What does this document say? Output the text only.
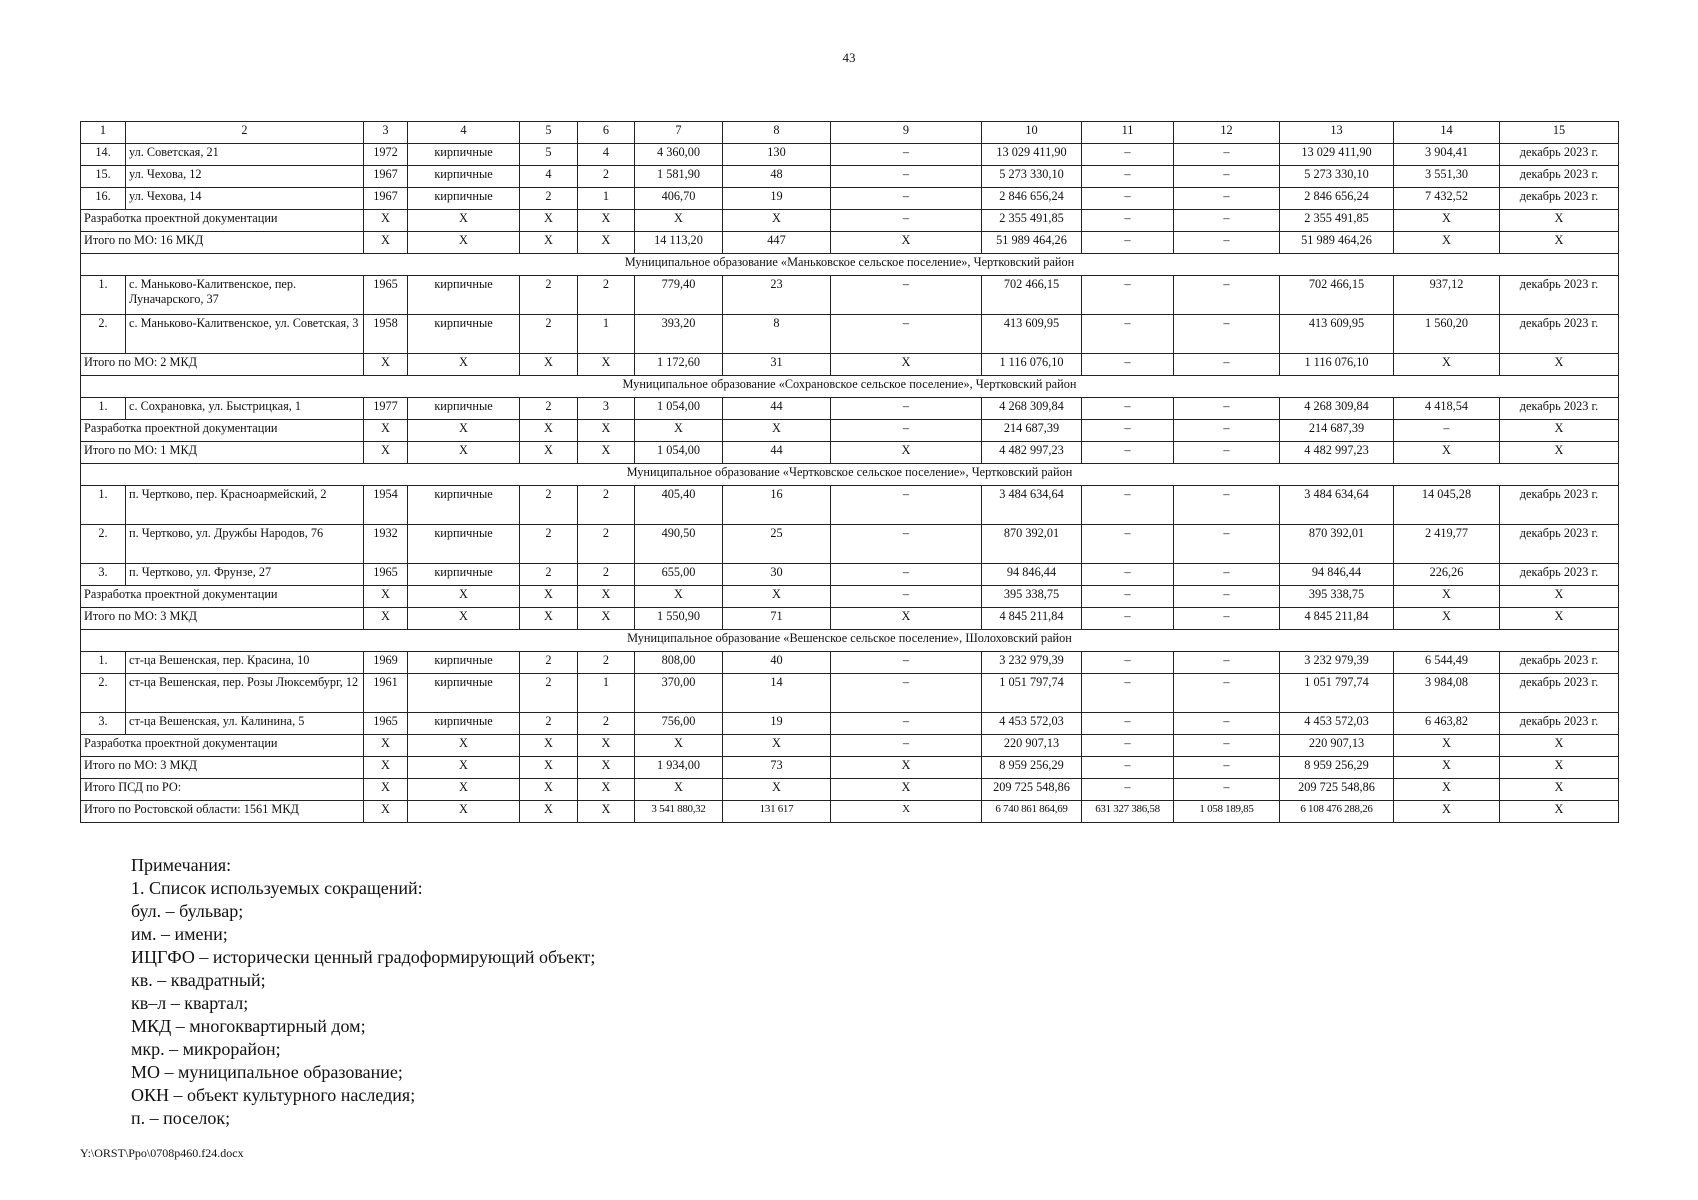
43
1	2	3	4	5	6	7	8	9	10	11	12	13	14	15
14.	ул. Советская, 21	1972	кирпичные	5	4	4 360,00	130	–	13 029 411,90	–	–	13 029 411,90	3 904,41	декабрь 2023 г.
15.	ул. Чехова, 12	1967	кирпичные	4	2	1 581,90	48	–	5 273 330,10	–	–	5 273 330,10	3 551,30	декабрь 2023 г.
16.	ул. Чехова, 14	1967	кирпичные	2	1	406,70	19	–	2 846 656,24	–	–	2 846 656,24	7 432,52	декабрь 2023 г.
Разработка проектной документации		X	X	X	X	X	X	–	2 355 491,85	–	–	2 355 491,85	X	X
Итого по МО: 16 МКД		X	X	X	X	14 113,20	447	X	51 989 464,26	–	–	51 989 464,26	X	X
Муниципальное образование «Маньковское сельское поселение», Чертковский район														
1.	с. Маньково-Калитвенское, пер. Луначарского, 37	1965	кирпичные	2	2	779,40	23	–	702 466,15	–	–	702 466,15	937,12	декабрь 2023 г.
2.	с. Маньково-Калитвенское, ул. Советская, 3	1958	кирпичные	2	1	393,20	8	–	413 609,95	–	–	413 609,95	1 560,20	декабрь 2023 г.
Итого по МО: 2 МКД		X	X	X	X	1 172,60	31	X	1 116 076,10	–	–	1 116 076,10	X	X
Муниципальное образование «Сохрановское сельское поселение», Чертковский район														
1.	с. Сохрановка, ул. Быстрицкая, 1	1977	кирпичные	2	3	1 054,00	44	–	4 268 309,84	–	–	4 268 309,84	4 418,54	декабрь 2023 г.
Разработка проектной документации		X	X	X	X	X	X	–	214 687,39	–	–	214 687,39	–	X
Итого по МО: 1 МКД		X	X	X	X	1 054,00	44	X	4 482 997,23	–	–	4 482 997,23	X	X
Муниципальное образование «Чертковское сельское поселение», Чертковский район														
1.	п. Чертково, пер. Красноармейский, 2	1954	кирпичные	2	2	405,40	16	–	3 484 634,64	–	–	3 484 634,64	14 045,28	декабрь 2023 г.
2.	п. Чертково, ул. Дружбы Народов, 76	1932	кирпичные	2	2	490,50	25	–	870 392,01	–	–	870 392,01	2 419,77	декабрь 2023 г.
3.	п. Чертково, ул. Фрунзе, 27	1965	кирпичные	2	2	655,00	30	–	94 846,44	–	–	94 846,44	226,26	декабрь 2023 г.
Разработка проектной документации		X	X	X	X	X	X	–	395 338,75	–	–	395 338,75	X	X
Итого по МО: 3 МКД		X	X	X	X	1 550,90	71	X	4 845 211,84	–	–	4 845 211,84	X	X
Муниципальное образование «Вешенское сельское поселение», Шолоховский район														
1.	ст-ца Вешенская, пер. Красина, 10	1969	кирпичные	2	2	808,00	40	–	3 232 979,39	–	–	3 232 979,39	6 544,49	декабрь 2023 г.
2.	ст-ца Вешенская, пер. Розы Люксембург, 12	1961	кирпичные	2	1	370,00	14	–	1 051 797,74	–	–	1 051 797,74	3 984,08	декабрь 2023 г.
3.	ст-ца Вешенская, ул. Калинина, 5	1965	кирпичные	2	2	756,00	19	–	4 453 572,03	–	–	4 453 572,03	6 463,82	декабрь 2023 г.
Разработка проектной документации		X	X	X	X	X	X	–	220 907,13	–	–	220 907,13	X	X
Итого по МО: 3 МКД		X	X	X	X	1 934,00	73	X	8 959 256,29	–	–	8 959 256,29	X	X
Итого ПСД по РО:		X	X	X	X	X	X	X	209 725 548,86	–	–	209 725 548,86	X	X
Итого по Ростовской области: 1561 МКД		X	X	X	X	3 541 880,32	131 617	X	6 740 861 864,69	631 327 386,58	1 058 189,85	6 108 476 288,26	X	X
Примечания:
1. Список используемых сокращений:
бул. – бульвар;
им. – имени;
ИЦГФО – исторически ценный градоформирующий объект;
кв. – квадратный;
кв–л – квартал;
МКД – многоквартирный дом;
мкр. – микрорайон;
МО – муниципальное образование;
ОКН – объект культурного наследия;
п. – поселок;
Y:\ORST\Ppo\0708p460.f24.docx
